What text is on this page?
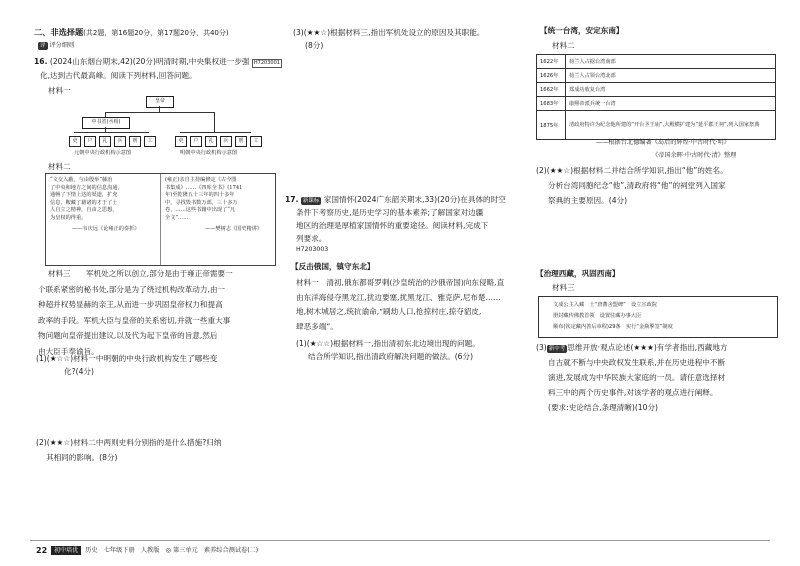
二、非选择题(共2题，第16题20分，第17题20分，共40分)
评 评分细则
16. (2024山东烟台期末,42)(20分)明清时期,中央集权进一步强 H7203001
化,达到古代最高峰。阅读下列材料,回答问题。
材料一
皇帝
中书省(丞相)
吏	户	礼	兵	刑	工	吏	户	礼	兵	刑	工
元朝中央行政机构示意图	明朝中央行政机构示意图
材料二
“文交入蔽，与由殷举”藤治
了中央和地方之间的信息沟通，
通畅了下情上达的渠道，扩充
信息，鞍藏了藉诸的才于了士
人自立之精神，自由之思想，
为皇权的得重。
——韦庆远《论雍正的奏折》
(雍正)亲自主持编修定《古今图
书集成》……《四库全书》(1741
年)至乾隆五十三年的四十多年
中，寻找毁书数万部，三十多万
卷，……这些书籍中出现了“凡
全文”……
——樊树志《国史精讲》
材料三　　军机处之所以创立,部分是由于雍正帝需要一
个联系紧密的秘书处,部分是为了绕过机构改革动力,由一
种超并权势显赫的亲王,从而进一步巩固皇帝权力和提高
政率的手段。军机大臣与皇帝的关系密切,并就一些重大事
物问题向皇帝提出建议,以及代为起下皇帝的旨意,然后
由大臣手奉谕旨。
(1)(★☆☆)材料一中明朝的中央行政机构发生了哪些变
化?(4分)
(2)(★★☆)材料二中两则史料分别指的是什么措施?归纳
其相同的影响。(8分)
(3)(★★☆)根据材料三,指出军机处设立的原因及其职能。
(8分)
17. 新课标 家国情怀(2024广东韶关期末,33)(20分)在具体的时空
条件下考察历史,是历史学习的基本素养;了解国家对边疆
地区的治理是厚植家国情怀的重要途径。阅读材料,完成下
列要求。
H7203003
【反击俄国，镇守东北】
材料一　清初,俄东都哥罗剌(沙皇统治的沙俄帝国)向东侵略,直
由东洋海侵夺黑龙江,扰边要塞,扰黑龙江、雅克萨,尼布楚……
地,树木城居之,统抗谕命,“刷劫人口,抢掠村庄,掠夺貂皮,
肆恶多端”。
(1)(★☆☆)根据材料一,指出清初东北边境出现的问题。
结合所学知识,指出清政府解决问题的做法。(6分)
【统一台湾，安定东南】
材料二
1622年	荷兰人占据台湾南部
1626年	荷兰人占领台湾北部
1662年	郑成功收复台湾
1683年	康熙帝派兵统一台湾
1875年	清政府特许为纪念他所建的“开台圣王庙”,大殿横扩建为“延平郡王祠”,列入国家祭典
——根据台北德编著《岛后的辉煌·中古时代·明》
《帝国余晖·中古时代·清》整理
(2)(★★☆)根据材料二并结合所学知识,指出“他”的姓名。
分析台湾同胞纪念“他”,清政府将“他”的祠堂列入国家
祭典的主要原因。(4分)
【治理西藏，巩固西南】
材料三
文成公主入藏　土“唐蕃舍盟碑”　设立宣政院
册封藏传佛教首领　设置驻藏办事大臣
顺布(钦定藏内善后章程)29条　实行“金瓶掣签”制度
(3) 新中考 思维开放·观点论述(★★★)有学者指出,西藏地方
自古就不断与中央政权发生联系,并在历史进程中不断
演进,发展成为中华民族大家庭的一员。请任意选择材
料三中的两个历史事件,对该学者的观点进行阐释。
(要求:史论结合,条理清晰)(10分)
22	初中培优	历史　七年级下册　人教版　◎ 第三单元　素养综合测试卷(二)
